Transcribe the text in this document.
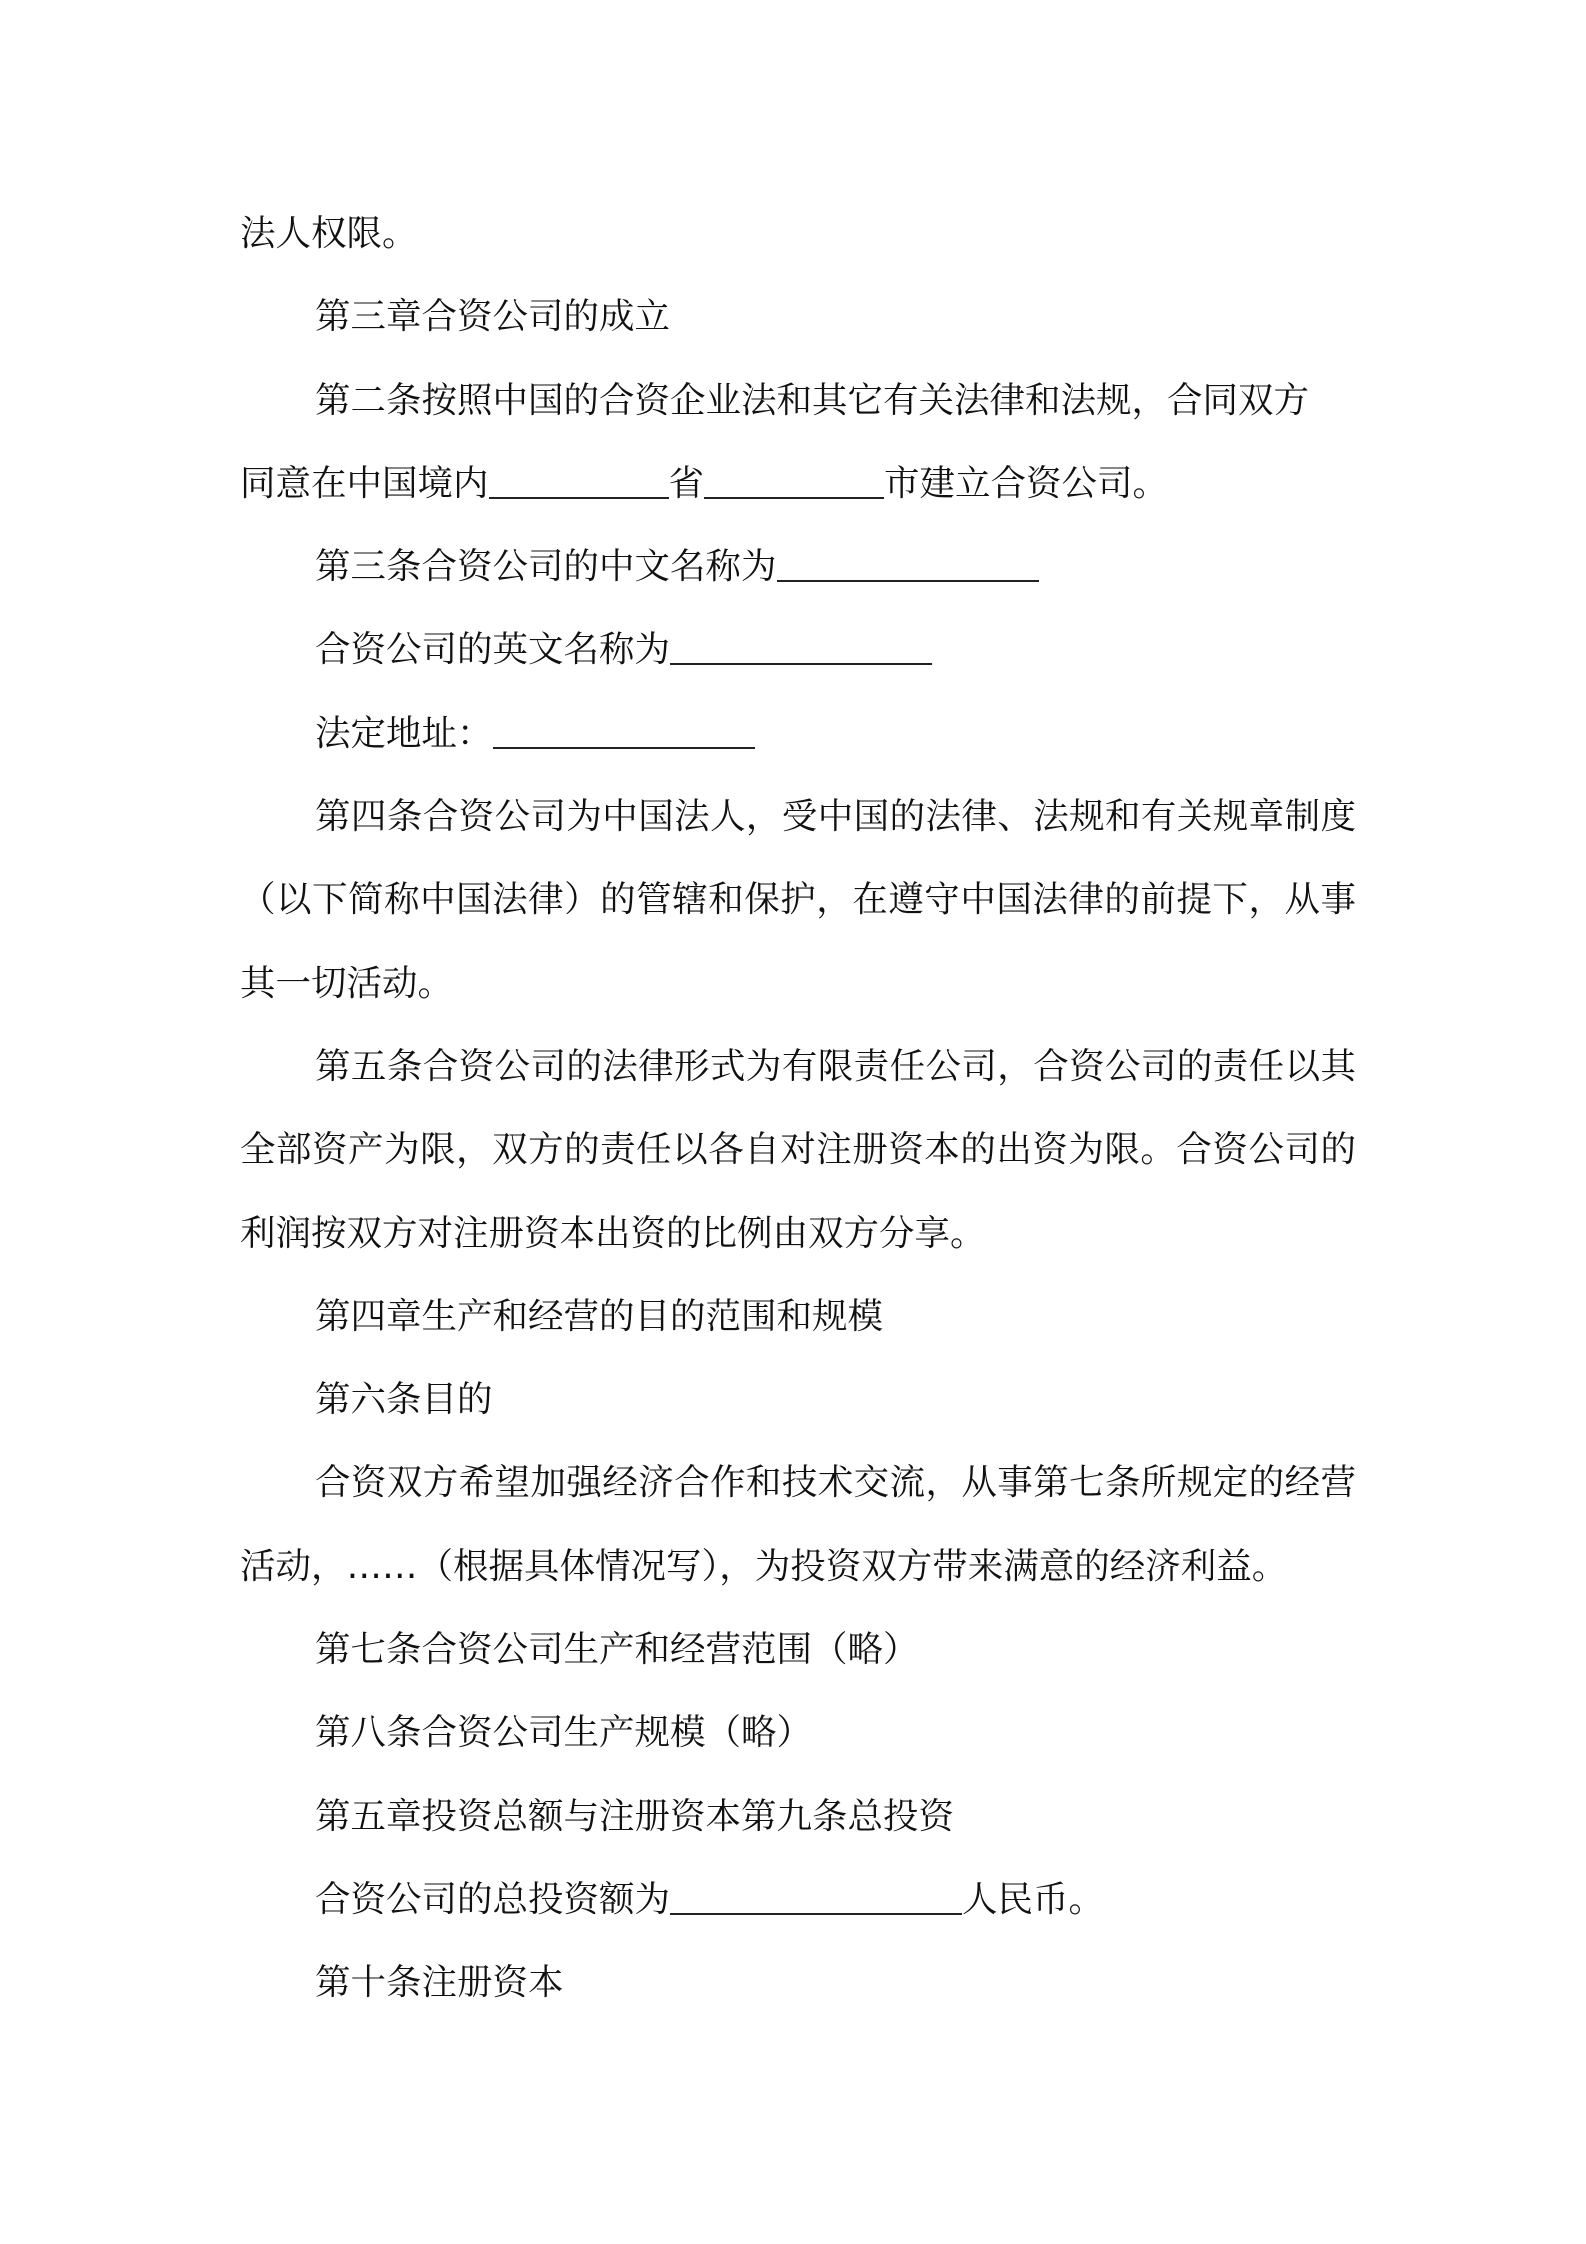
法人权限。

第三章合资公司的成立

第二条按照中国的合资企业法和其它有关法律和法规，合同双方

同意在中国境内	省	市建立合资公司。

第三条合资公司的中文名称为

合资公司的英文名称为

法定地址：

第四条合资公司为中国法人，受中国的法律、法规和有关规章制度（以下简称中国法律）的管辖和保护，在遵守中国法律的前提下，从事其一切活动。

第五条合资公司的法律形式为有限责任公司，合资公司的责任以其全部资产为限，双方的责任以各自对注册资本的出资为限。合资公司的利润按双方对注册资本出资的比例由双方分享。

第四章生产和经营的目的范围和规模

第六条目的

合资双方希望加强经济合作和技术交流，从事第七条所规定的经营活动，……（根据具体情况写），为投资双方带来满意的经济利益。

第七条合资公司生产和经营范围（略）

第八条合资公司生产规模（略）

第五章投资总额与注册资本第九条总投资

合资公司的总投资额为	人民币。

第十条注册资本
